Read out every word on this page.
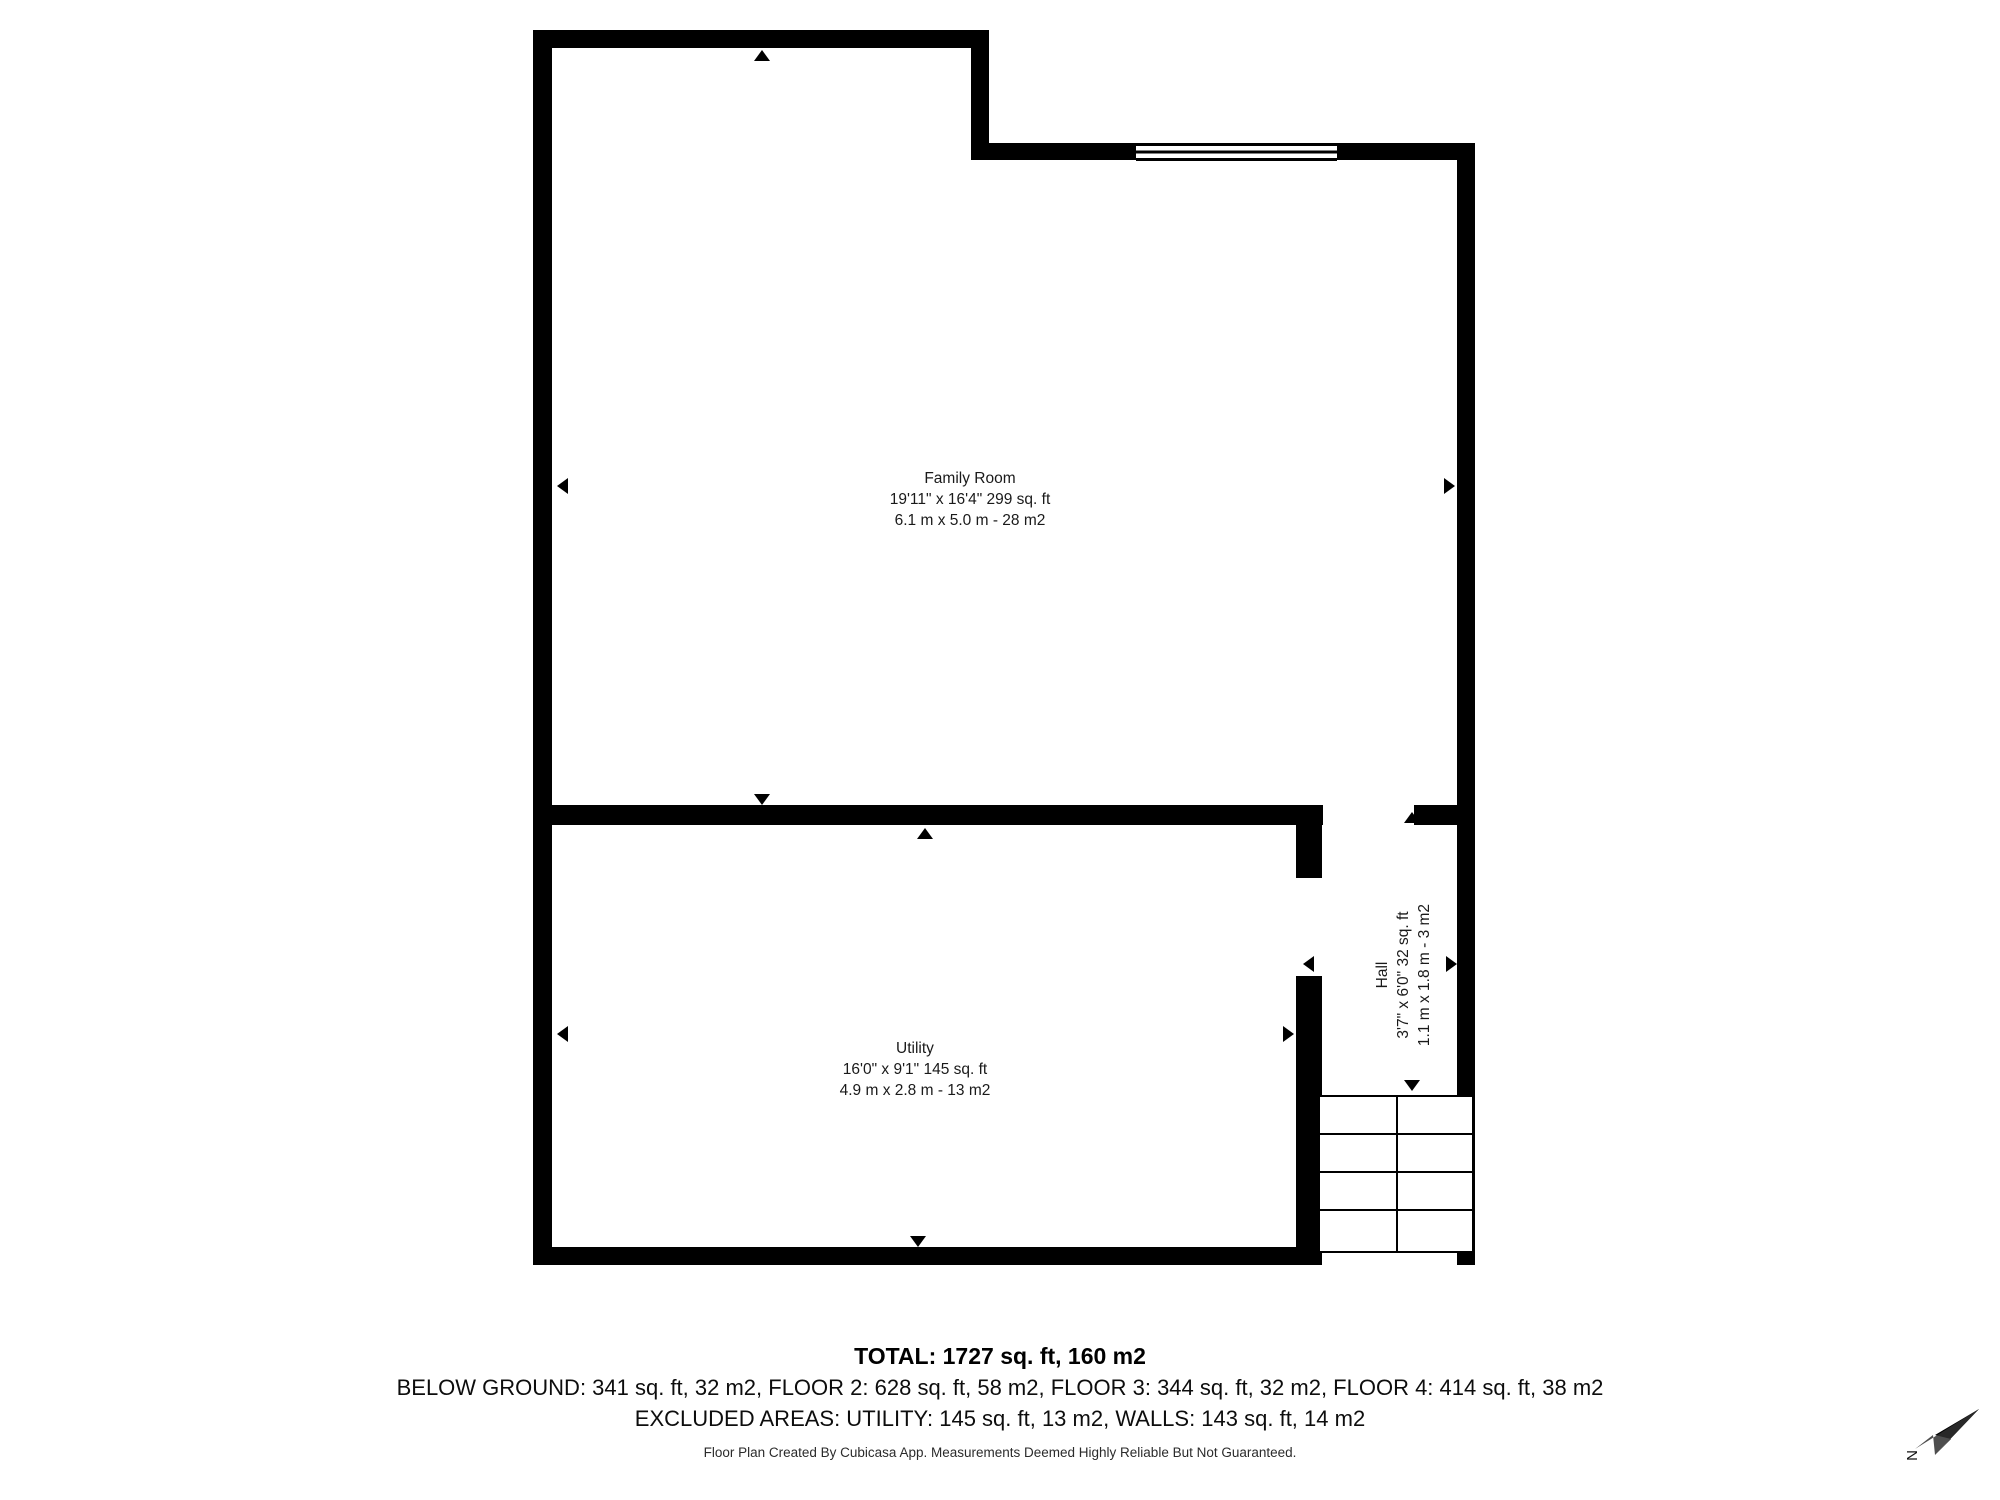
Family Room
19'11" x 16'4" 299 sq. ft
6.1 m x 5.0 m - 28 m2
Utility
16'0" x 9'1" 145 sq. ft
4.9 m x 2.8 m - 13 m2
Hall 3'7" x 6'0" 32 sq. ft 1.1 m x 1.8 m - 3 m2
TOTAL: 1727 sq. ft, 160 m2
BELOW GROUND: 341 sq. ft, 32 m2, FLOOR 2: 628 sq. ft, 58 m2, FLOOR 3: 344 sq. ft, 32 m2, FLOOR 4: 414 sq. ft, 38 m2
EXCLUDED AREAS: UTILITY: 145 sq. ft, 13 m2, WALLS: 143 sq. ft, 14 m2
Floor Plan Created By Cubicasa App. Measurements Deemed Highly Reliable But Not Guaranteed.	N
